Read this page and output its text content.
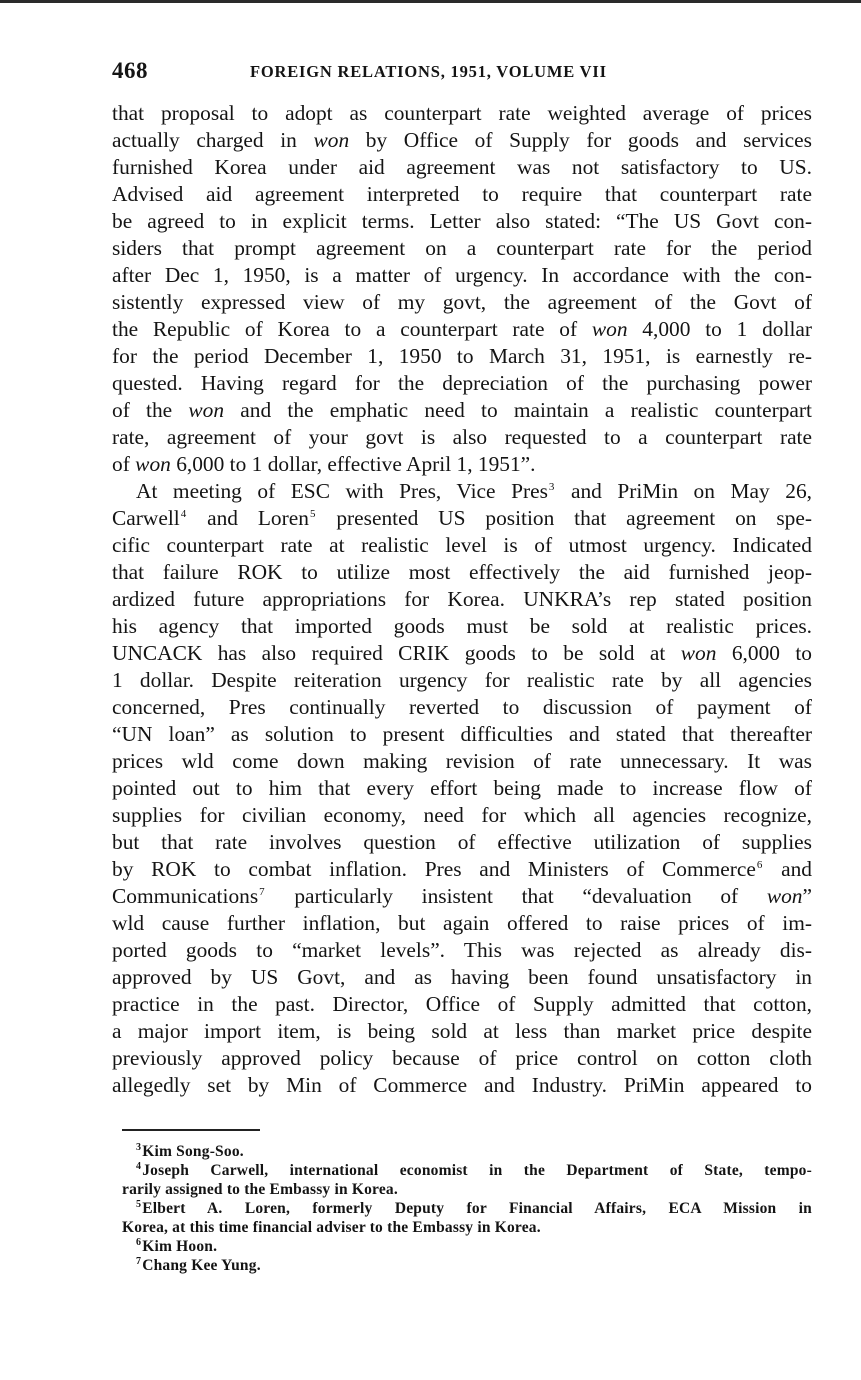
468	FOREIGN RELATIONS, 1951, VOLUME VII
that proposal to adopt as counterpart rate weighted average of prices
actually charged in won by Office of Supply for goods and services
furnished Korea under aid agreement was not satisfactory to US.
Advised aid agreement interpreted to require that counterpart rate
be agreed to in explicit terms. Letter also stated: “The US Govt con-
siders that prompt agreement on a counterpart rate for the period
after Dec 1, 1950, is a matter of urgency. In accordance with the con-
sistently expressed view of my govt, the agreement of the Govt of
the Republic of Korea to a counterpart rate of won 4,000 to 1 dollar
for the period December 1, 1950 to March 31, 1951, is earnestly re-
quested. Having regard for the depreciation of the purchasing power
of the won and the emphatic need to maintain a realistic counterpart
rate, agreement of your govt is also requested to a counterpart rate
of won 6,000 to 1 dollar, effective April 1, 1951”.
At meeting of ESC with Pres, Vice Pres$^3$ and PriMin on May 26,
Carwell$^4$ and Loren$^5$ presented US position that agreement on spe-
cific counterpart rate at realistic level is of utmost urgency. Indicated
that failure ROK to utilize most effectively the aid furnished jeop-
ardized future appropriations for Korea. UNKRA’s rep stated position
his agency that imported goods must be sold at realistic prices.
UNCACK has also required CRIK goods to be sold at won 6,000 to
1 dollar. Despite reiteration urgency for realistic rate by all agencies
concerned, Pres continually reverted to discussion of payment of
“UN loan” as solution to present difficulties and stated that thereafter
prices wld come down making revision of rate unnecessary. It was
pointed out to him that every effort being made to increase flow of
supplies for civilian economy, need for which all agencies recognize,
but that rate involves question of effective utilization of supplies
by ROK to combat inflation. Pres and Ministers of Commerce$^6$ and
Communications$^7$ particularly insistent that “devaluation of won”
wld cause further inflation, but again offered to raise prices of im-
ported goods to “market levels”. This was rejected as already dis-
approved by US Govt, and as having been found unsatisfactory in
practice in the past. Director, Office of Supply admitted that cotton,
a major import item, is being sold at less than market price despite
previously approved policy because of price control on cotton cloth
allegedly set by Min of Commerce and Industry. PriMin appeared to
$^3$Kim Song-Soo.
$^4$Joseph Carwell, international economist in the Department of State, tempo-
rarily assigned to the Embassy in Korea.
$^5$Elbert A. Loren, formerly Deputy for Financial Affairs, ECA Mission in
Korea, at this time financial adviser to the Embassy in Korea.
$^6$Kim Hoon.
$^7$Chang Kee Yung.
